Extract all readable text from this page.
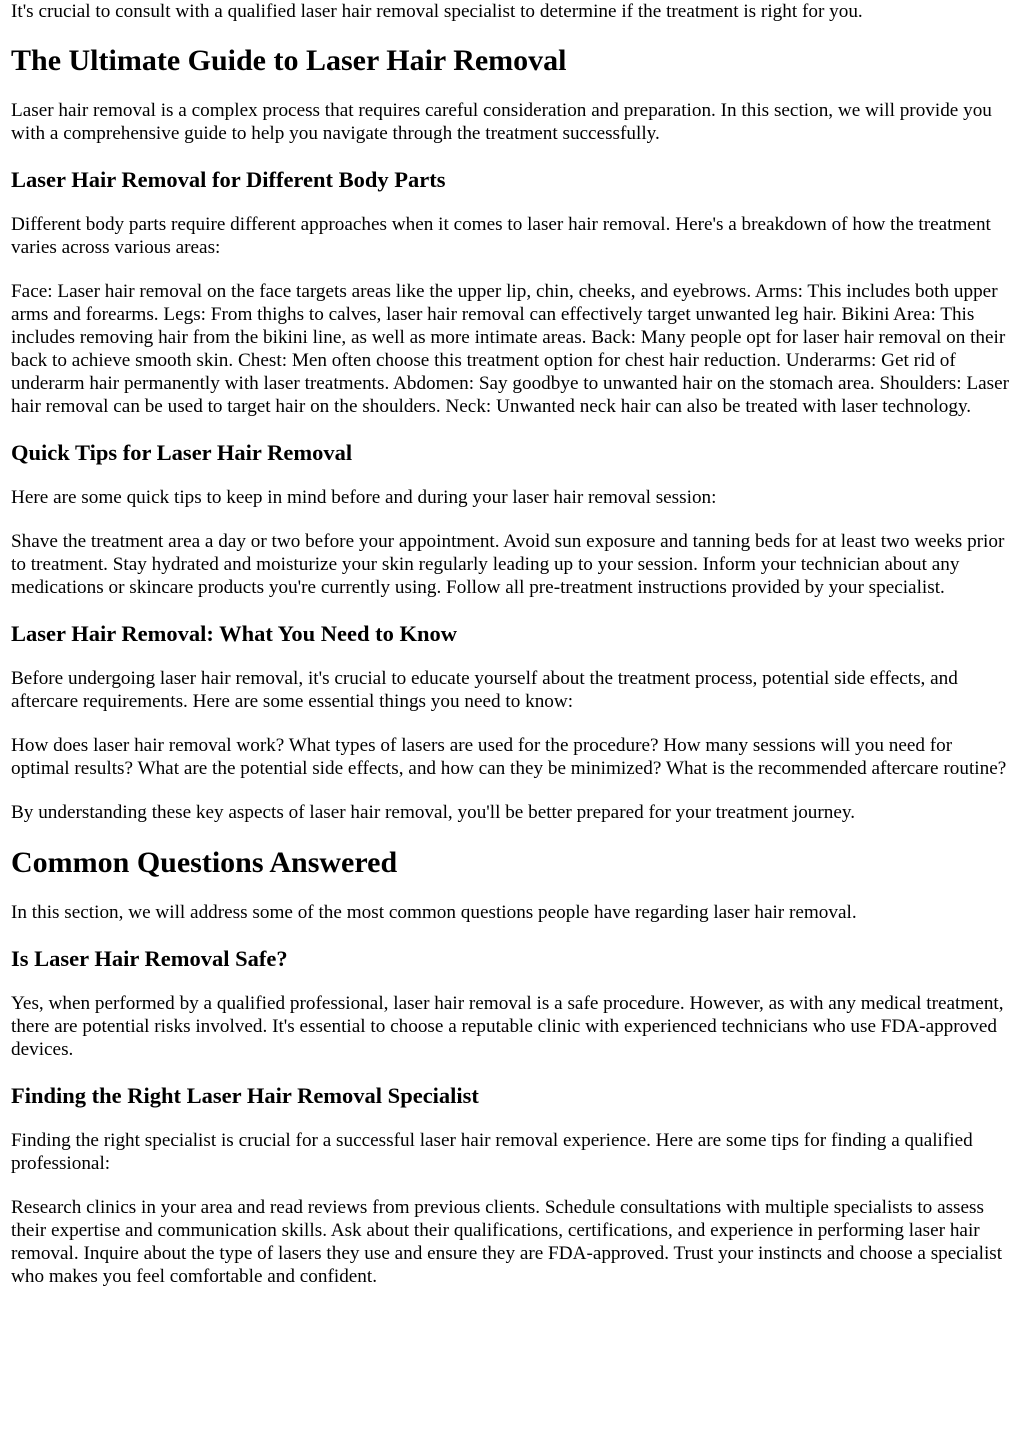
It's crucial to consult with a qualified laser hair removal specialist to determine if the treatment is right for you.

The Ultimate Guide to Laser Hair Removal

Laser hair removal is a complex process that requires careful consideration and preparation. In this section, we will provide you with a comprehensive guide to help you navigate through the treatment successfully.

Laser Hair Removal for Different Body Parts

Different body parts require different approaches when it comes to laser hair removal. Here's a breakdown of how the treatment varies across various areas:

Face: Laser hair removal on the face targets areas like the upper lip, chin, cheeks, and eyebrows. Arms: This includes both upper arms and forearms. Legs: From thighs to calves, laser hair removal can effectively target unwanted leg hair. Bikini Area: This includes removing hair from the bikini line, as well as more intimate areas. Back: Many people opt for laser hair removal on their back to achieve smooth skin. Chest: Men often choose this treatment option for chest hair reduction. Underarms: Get rid of underarm hair permanently with laser treatments. Abdomen: Say goodbye to unwanted hair on the stomach area. Shoulders: Laser hair removal can be used to target hair on the shoulders. Neck: Unwanted neck hair can also be treated with laser technology.

Quick Tips for Laser Hair Removal

Here are some quick tips to keep in mind before and during your laser hair removal session:

Shave the treatment area a day or two before your appointment. Avoid sun exposure and tanning beds for at least two weeks prior to treatment. Stay hydrated and moisturize your skin regularly leading up to your session. Inform your technician about any medications or skincare products you're currently using. Follow all pre-treatment instructions provided by your specialist.

Laser Hair Removal: What You Need to Know

Before undergoing laser hair removal, it's crucial to educate yourself about the treatment process, potential side effects, and aftercare requirements. Here are some essential things you need to know:

How does laser hair removal work? What types of lasers are used for the procedure? How many sessions will you need for optimal results? What are the potential side effects, and how can they be minimized? What is the recommended aftercare routine?

By understanding these key aspects of laser hair removal, you'll be better prepared for your treatment journey.

Common Questions Answered

In this section, we will address some of the most common questions people have regarding laser hair removal.

Is Laser Hair Removal Safe?

Yes, when performed by a qualified professional, laser hair removal is a safe procedure. However, as with any medical treatment, there are potential risks involved. It's essential to choose a reputable clinic with experienced technicians who use FDA-approved devices.

Finding the Right Laser Hair Removal Specialist

Finding the right specialist is crucial for a successful laser hair removal experience. Here are some tips for finding a qualified professional:

Research clinics in your area and read reviews from previous clients. Schedule consultations with multiple specialists to assess their expertise and communication skills. Ask about their qualifications, certifications, and experience in performing laser hair removal. Inquire about the type of lasers they use and ensure they are FDA-approved. Trust your instincts and choose a specialist who makes you feel comfortable and confident.
